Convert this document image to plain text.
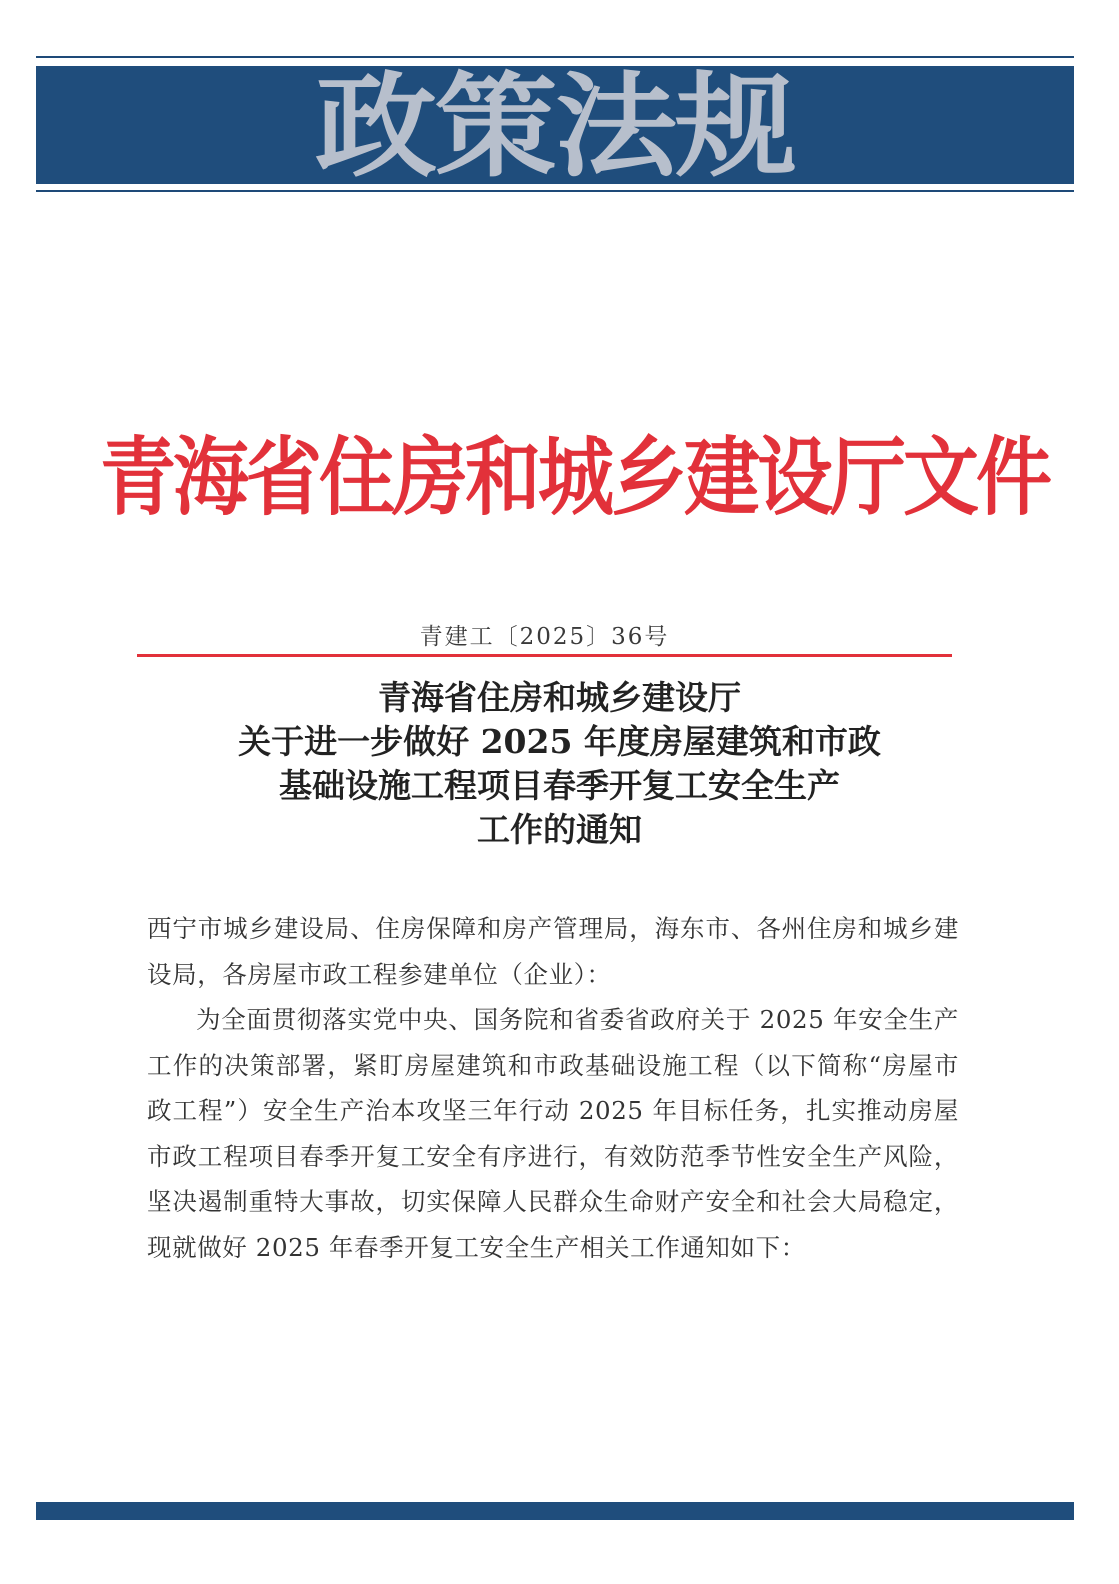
政策法规
青海省住房和城乡建设厅文件
青建工〔2025〕36号
青海省住房和城乡建设厅
关于进一步做好 2025 年度房屋建筑和市政
基础设施工程项目春季开复工安全生产
工作的通知

西宁市城乡建设局、住房保障和房产管理局，海东市、各州住房和城乡建设局，各房屋市政工程参建单位（企业）：

为全面贯彻落实党中央、国务院和省委省政府关于 2025 年安全生产工作的决策部署，紧盯房屋建筑和市政基础设施工程（以下简称“房屋市政工程”）安全生产治本攻坚三年行动 2025 年目标任务，扎实推动房屋市政工程项目春季开复工安全有序进行，有效防范季节性安全生产风险，坚决遏制重特大事故，切实保障人民群众生命财产安全和社会大局稳定，现就做好 2025 年春季开复工安全生产相关工作通知如下：
